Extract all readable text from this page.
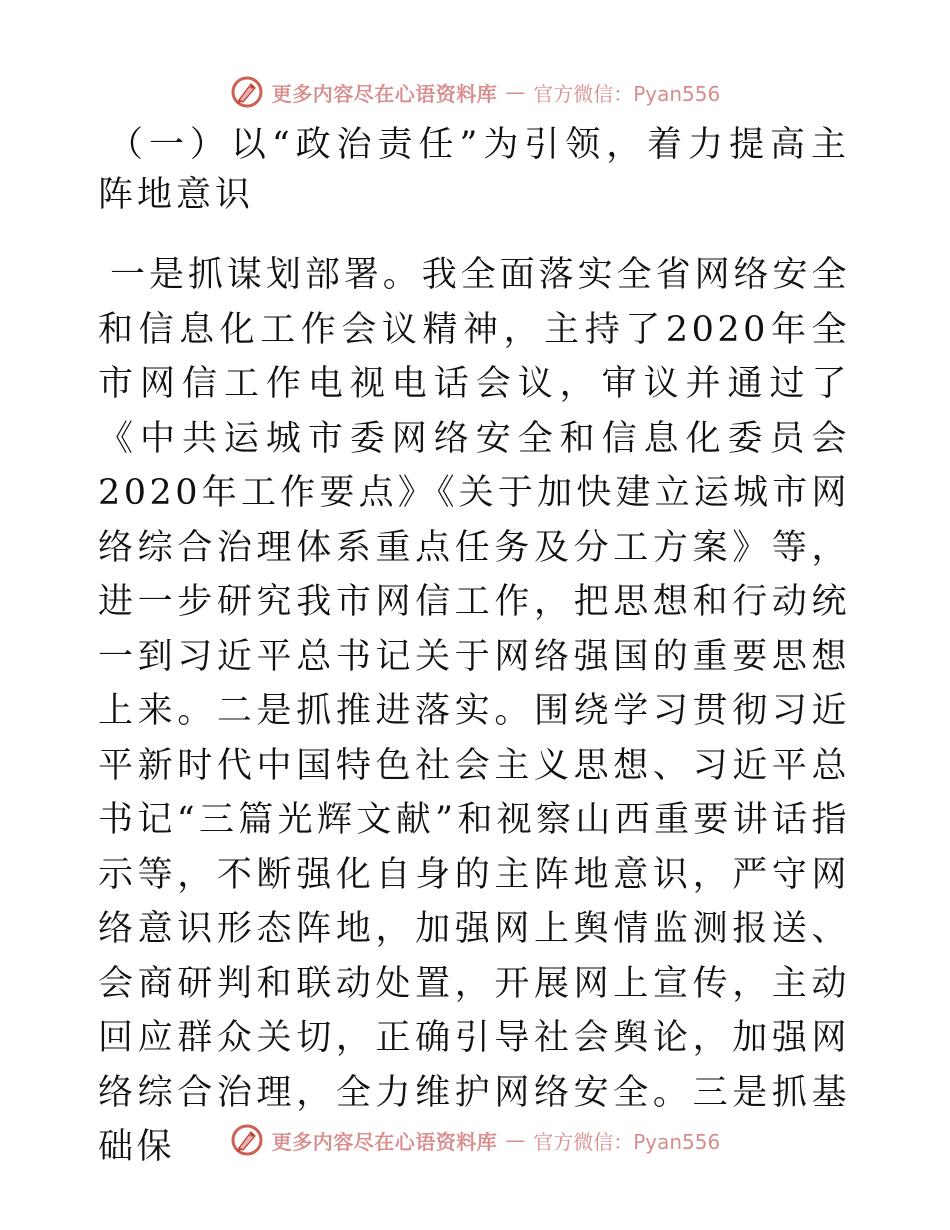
更多内容尽在心语资料库 — 官方微信：Pyan556
（一）以“政治责任”为引领，着力提高主阵地意识

一是抓谋划部署。我全面落实全省网络安全和信息化工作会议精神，主持了2020年全市网信工作电视电话会议，审议并通过了《中共运城市委网络安全和信息化委员会2020年工作要点》《关于加快建立运城市网络综合治理体系重点任务及分工方案》等，进一步研究我市网信工作，把思想和行动统一到习近平总书记关于网络强国的重要思想上来。二是抓推进落实。围绕学习贯彻习近平新时代中国特色社会主义思想、习近平总书记“三篇光辉文献”和视察山西重要讲话指示等，不断强化自身的主阵地意识，严守网络意识形态阵地，加强网上舆情监测报送、会商研判和联动处置，开展网上宣传，主动回应群众关切，正确引导社会舆论，加强网络综合治理，全力维护网络安全。三是抓基础保	更多内容尽在心语资料库 — 官方微信：Pyan556
